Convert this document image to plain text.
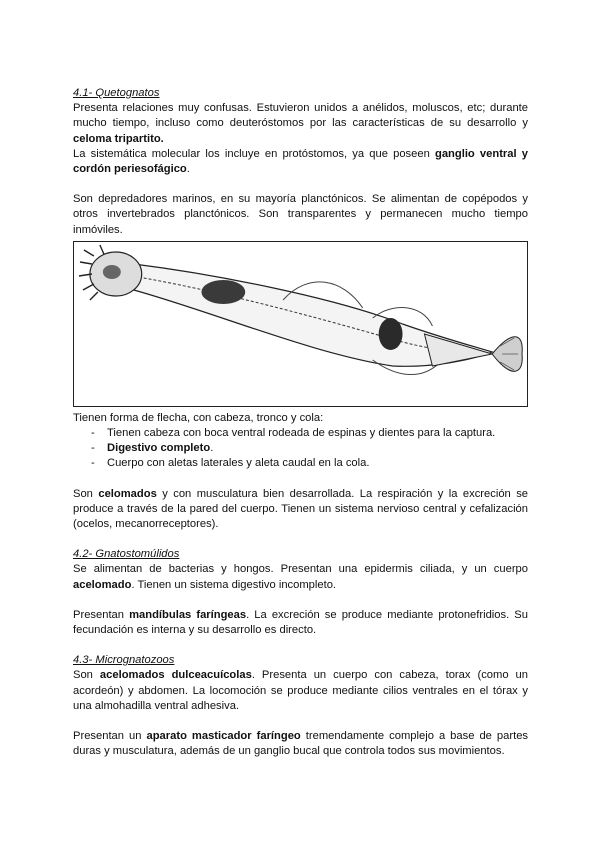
4.1- Quetognatos

Presenta relaciones muy confusas. Estuvieron unidos a anélidos, moluscos, etc; durante mucho tiempo, incluso como deuteróstomos por las características de su desarrollo y celoma tripartito.

La sistemática molecular los incluye en protóstomos, ya que poseen ganglio ventral y cordón periesofágico.

Son depredadores marinos, en su mayoría planctónicos. Se alimentan de copépodos y otros invertebrados planctónicos. Son transparentes y permanecen mucho tiempo inmóviles.

Tienen forma de flecha, con cabeza, tronco y cola:

- Tienen cabeza con boca ventral rodeada de espinas y dientes para la captura.
- Digestivo completo.
- Cuerpo con aletas laterales y aleta caudal en la cola.

Son celomados y con musculatura bien desarrollada. La respiración y la excreción se produce a través de la pared del cuerpo. Tienen un sistema nervioso central y cefalización (ocelos, mecanorreceptores).

4.2- Gnatostomúlidos

Se alimentan de bacterias y hongos. Presentan una epidermis ciliada, y un cuerpo acelomado. Tienen un sistema digestivo incompleto.

Presentan mandíbulas faríngeas. La excreción se produce mediante protonefridios. Su fecundación es interna y su desarrollo es directo.

4.3- Micrognatozoos

Son acelomados dulceacuícolas. Presenta un cuerpo con cabeza, torax (como un acordeón) y abdomen. La locomoción se produce mediante cilios ventrales en el tórax y una almohadilla ventral adhesiva.

Presentan un aparato masticador faríngeo tremendamente complejo a base de partes duras y musculatura, además de un ganglio bucal que controla todos sus movimientos.
